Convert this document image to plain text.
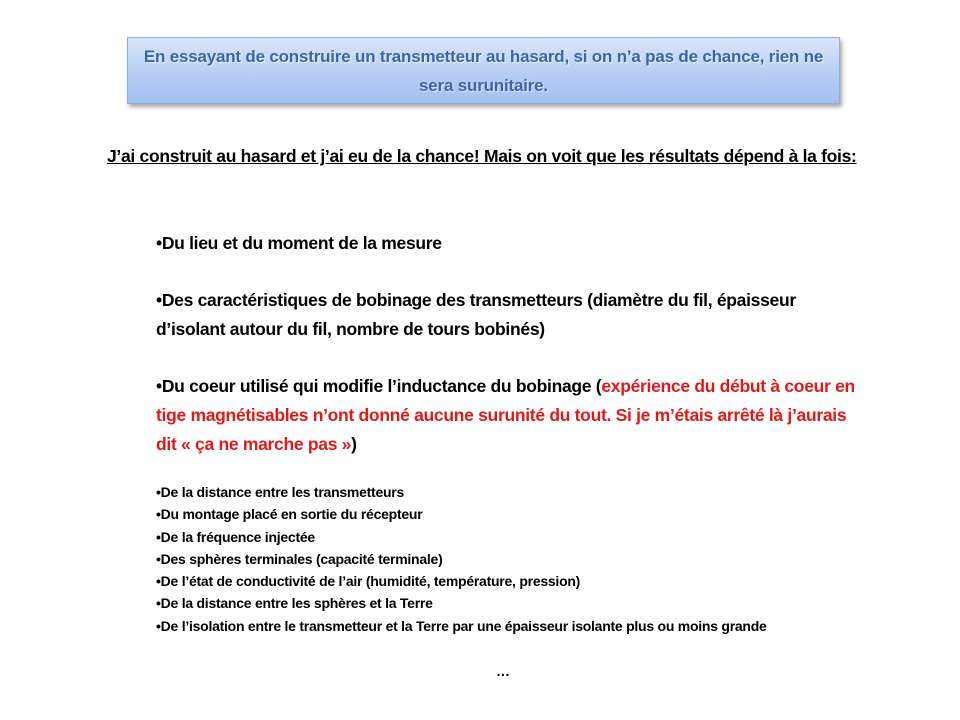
En essayant de construire un transmetteur au hasard, si on n’a pas de chance, rien ne sera surunitaire.

J’ai construit au hasard et j’ai eu de la chance! Mais on voit que les résultats dépend à la fois:

•Du lieu et du moment de la mesure
•Des caractéristiques de bobinage des transmetteurs (diamètre du fil, épaisseur d’isolant autour du fil, nombre de tours bobinés)
•Du coeur utilisé qui modifie l’inductance du bobinage (expérience du début à coeur en tige magnétisables n’ont donné aucune surunité du tout. Si je m’étais arrêté là j’aurais dit « ça ne marche pas »)
•De la distance entre les transmetteurs
•Du montage placé en sortie du récepteur
•De la fréquence injectée
•Des sphères terminales (capacité terminale)
•De l’état de conductivité de l’air (humidité, température, pression)
•De la distance entre les sphères et la Terre
•De l’isolation entre le transmetteur et la Terre par une épaisseur isolante plus ou moins grande
…
